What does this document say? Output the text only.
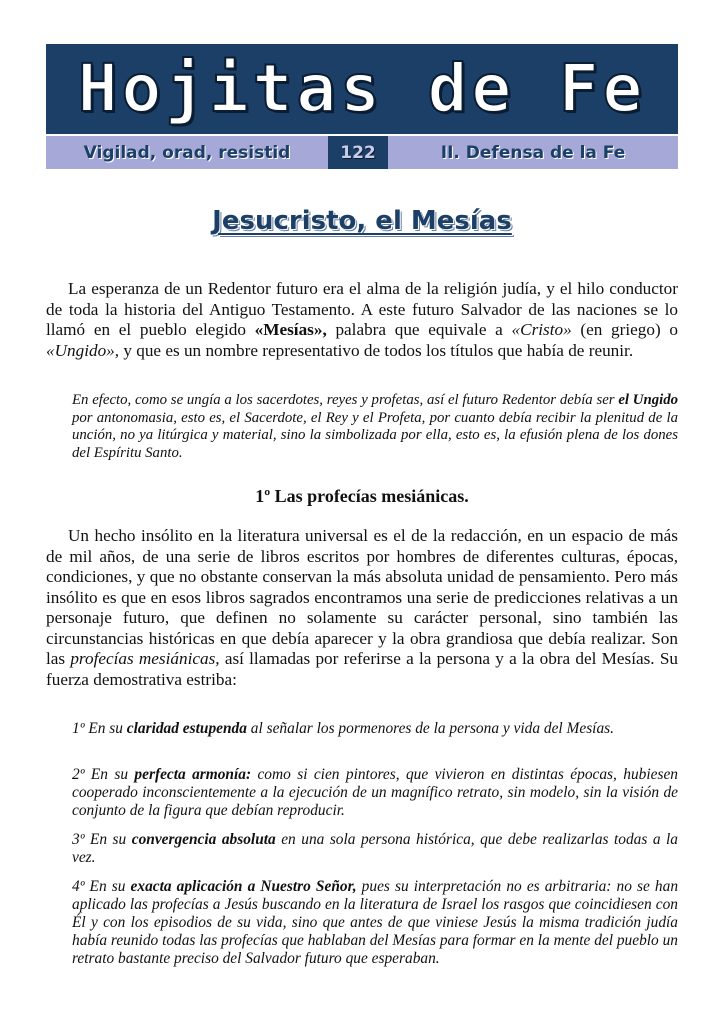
Hojitas de Fe
Vigilad, orad, resistid	122	II. Defensa de la Fe
Jesucristo, el Mesías

La esperanza de un Redentor futuro era el alma de la religión judía, y el hilo conductor de toda la historia del Antiguo Testamento. A este futuro Salvador de las naciones se lo llamó en el pueblo elegido «Mesías», palabra que equivale a «Cristo» (en griego) o «Ungido», y que es un nombre representativo de todos los títulos que había de reunir.

En efecto, como se ungía a los sacerdotes, reyes y profetas, así el futuro Redentor debía ser el Ungido por antonomasia, esto es, el Sacerdote, el Rey y el Profeta, por cuanto debía recibir la plenitud de la unción, no ya litúrgica y material, sino la simbolizada por ella, esto es, la efusión plena de los dones del Espíritu Santo.

1º Las profecías mesiánicas.

Un hecho insólito en la literatura universal es el de la redacción, en un espacio de más de mil años, de una serie de libros escritos por hombres de diferentes culturas, épocas, condiciones, y que no obstante conservan la más absoluta unidad de pensamiento. Pero más insólito es que en esos libros sagrados encontramos una serie de predicciones relativas a un personaje futuro, que definen no solamente su carácter personal, sino también las circunstancias históricas en que debía aparecer y la obra grandiosa que debía realizar. Son las profecías mesiánicas, así llamadas por referirse a la persona y a la obra del Mesías. Su fuerza demostrativa estriba:

1º En su claridad estupenda al señalar los pormenores de la persona y vida del Mesías.

2º En su perfecta armonía: como si cien pintores, que vivieron en distintas épocas, hubiesen cooperado inconscientemente a la ejecución de un magnífico retrato, sin modelo, sin la visión de conjunto de la figura que debían reproducir.

3º En su convergencia absoluta en una sola persona histórica, que debe realizarlas todas a la vez.

4º En su exacta aplicación a Nuestro Señor, pues su interpretación no es arbitraria: no se han aplicado las profecías a Jesús buscando en la literatura de Israel los rasgos que coincidiesen con Él y con los episodios de su vida, sino que antes de que viniese Jesús la misma tradición judía había reunido todas las profecías que hablaban del Mesías para formar en la mente del pueblo un retrato bastante preciso del Salvador futuro que esperaban.
